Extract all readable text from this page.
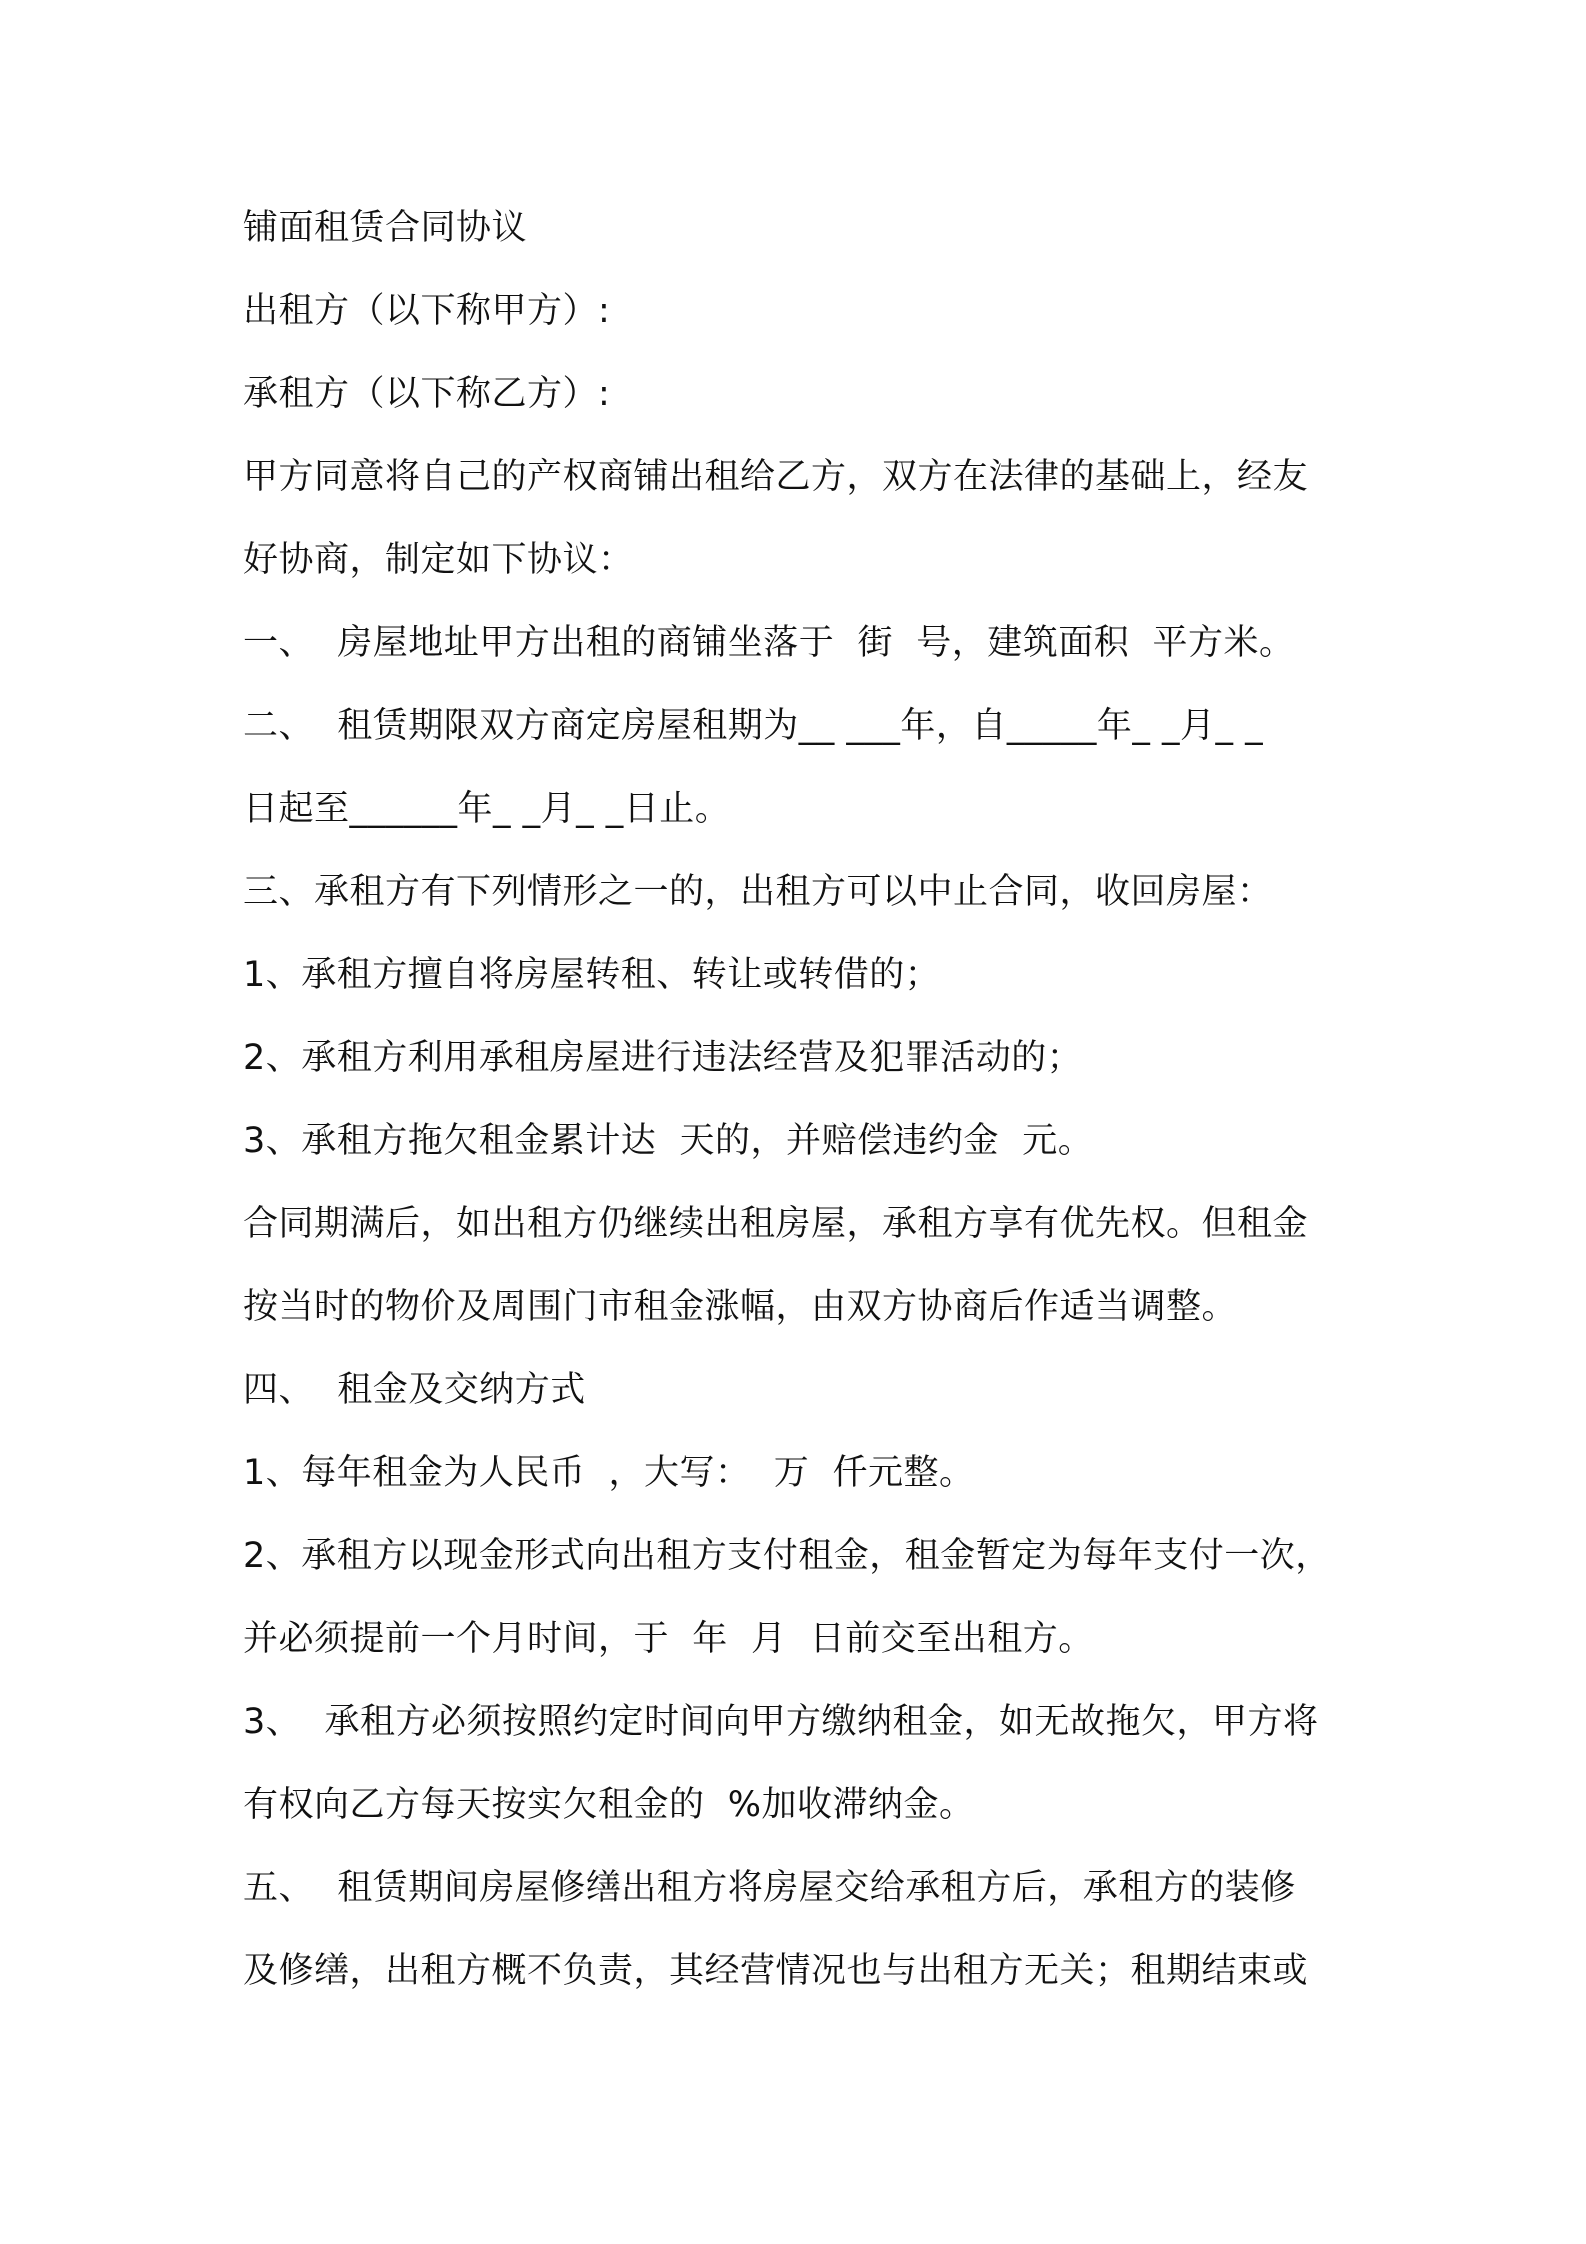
铺面租赁合同协议
出租方（以下称甲方）:
承租方（以下称乙方）:
甲方同意将自己的产权商铺出租给乙方，双方在法律的基础上，经友
好协商，制定如下协议：
一、  房屋地址甲方出租的商铺坐落于  街  号，建筑面积  平方米。
二、  租赁期限双方商定房屋租期为__ ___年，自_____年_ _月_ _
日起至______年_ _月_ _日止。
三、承租方有下列情形之一的，出租方可以中止合同，收回房屋：
1、承租方擅自将房屋转租、转让或转借的；
2、承租方利用承租房屋进行违法经营及犯罪活动的；
3、承租方拖欠租金累计达  天的，并赔偿违约金  元。
合同期满后，如出租方仍继续出租房屋，承租方享有优先权。但租金
按当时的物价及周围门市租金涨幅，由双方协商后作适当调整。
四、  租金及交纳方式
1、每年租金为人民币  ，大写：  万  仟元整。
2、承租方以现金形式向出租方支付租金，租金暂定为每年支付一次，
并必须提前一个月时间，于  年  月  日前交至出租方。
3、  承租方必须按照约定时间向甲方缴纳租金，如无故拖欠，甲方将
有权向乙方每天按实欠租金的  %加收滞纳金。
五、  租赁期间房屋修缮出租方将房屋交给承租方后，承租方的装修
及修缮，出租方概不负责，其经营情况也与出租方无关；租期结束或
